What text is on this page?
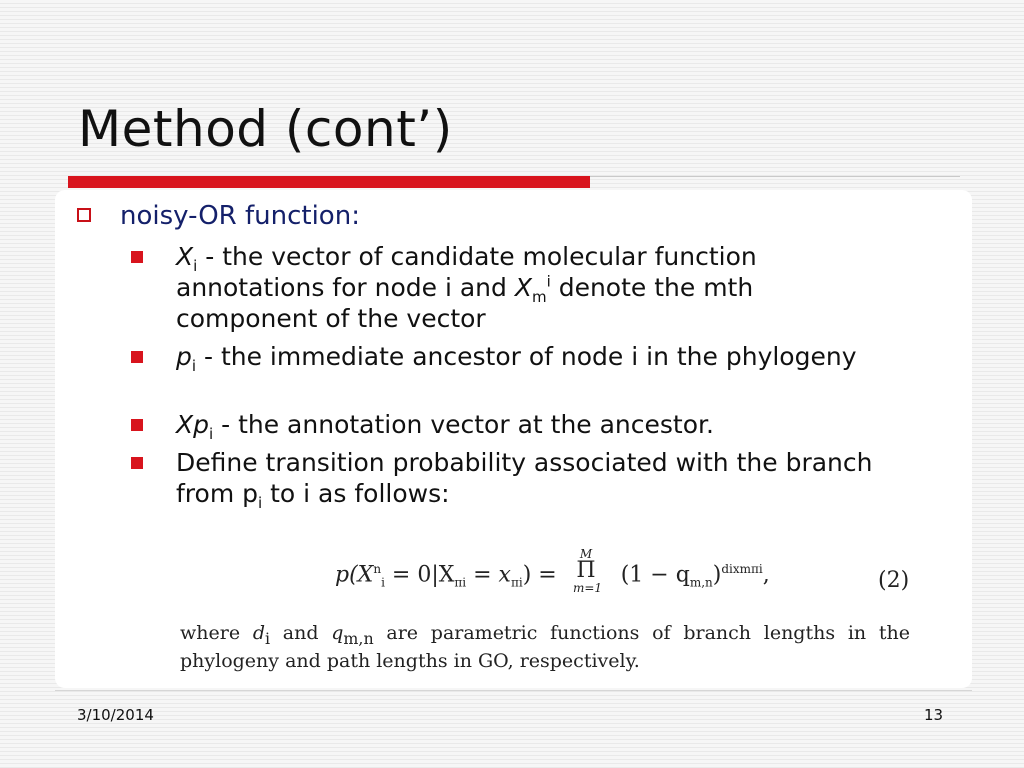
Method (cont’)
noisy-OR function:
$X_i$ - the vector of candidate molecular function annotations for node i and $X_m^i$ denote the mth component of the vector
$p_i$ - the immediate ancestor of node i in the phylogeny
$Xp_i$ - the annotation vector at the ancestor.
Define transition probability associated with the branch from $p_i$ to i as follows:
$p(X^n_i = 0|X_{\pi i} = x_{\pi i})$ =	$(1 - q_{m,n})^{dixm\pi i}$,
M
Π
m=1	(2)
where $d_i$ and $q_{m,n}$ are parametric functions of branch lengths in the phylogeny and path lengths in GO, respectively.
3/10/2014	13
